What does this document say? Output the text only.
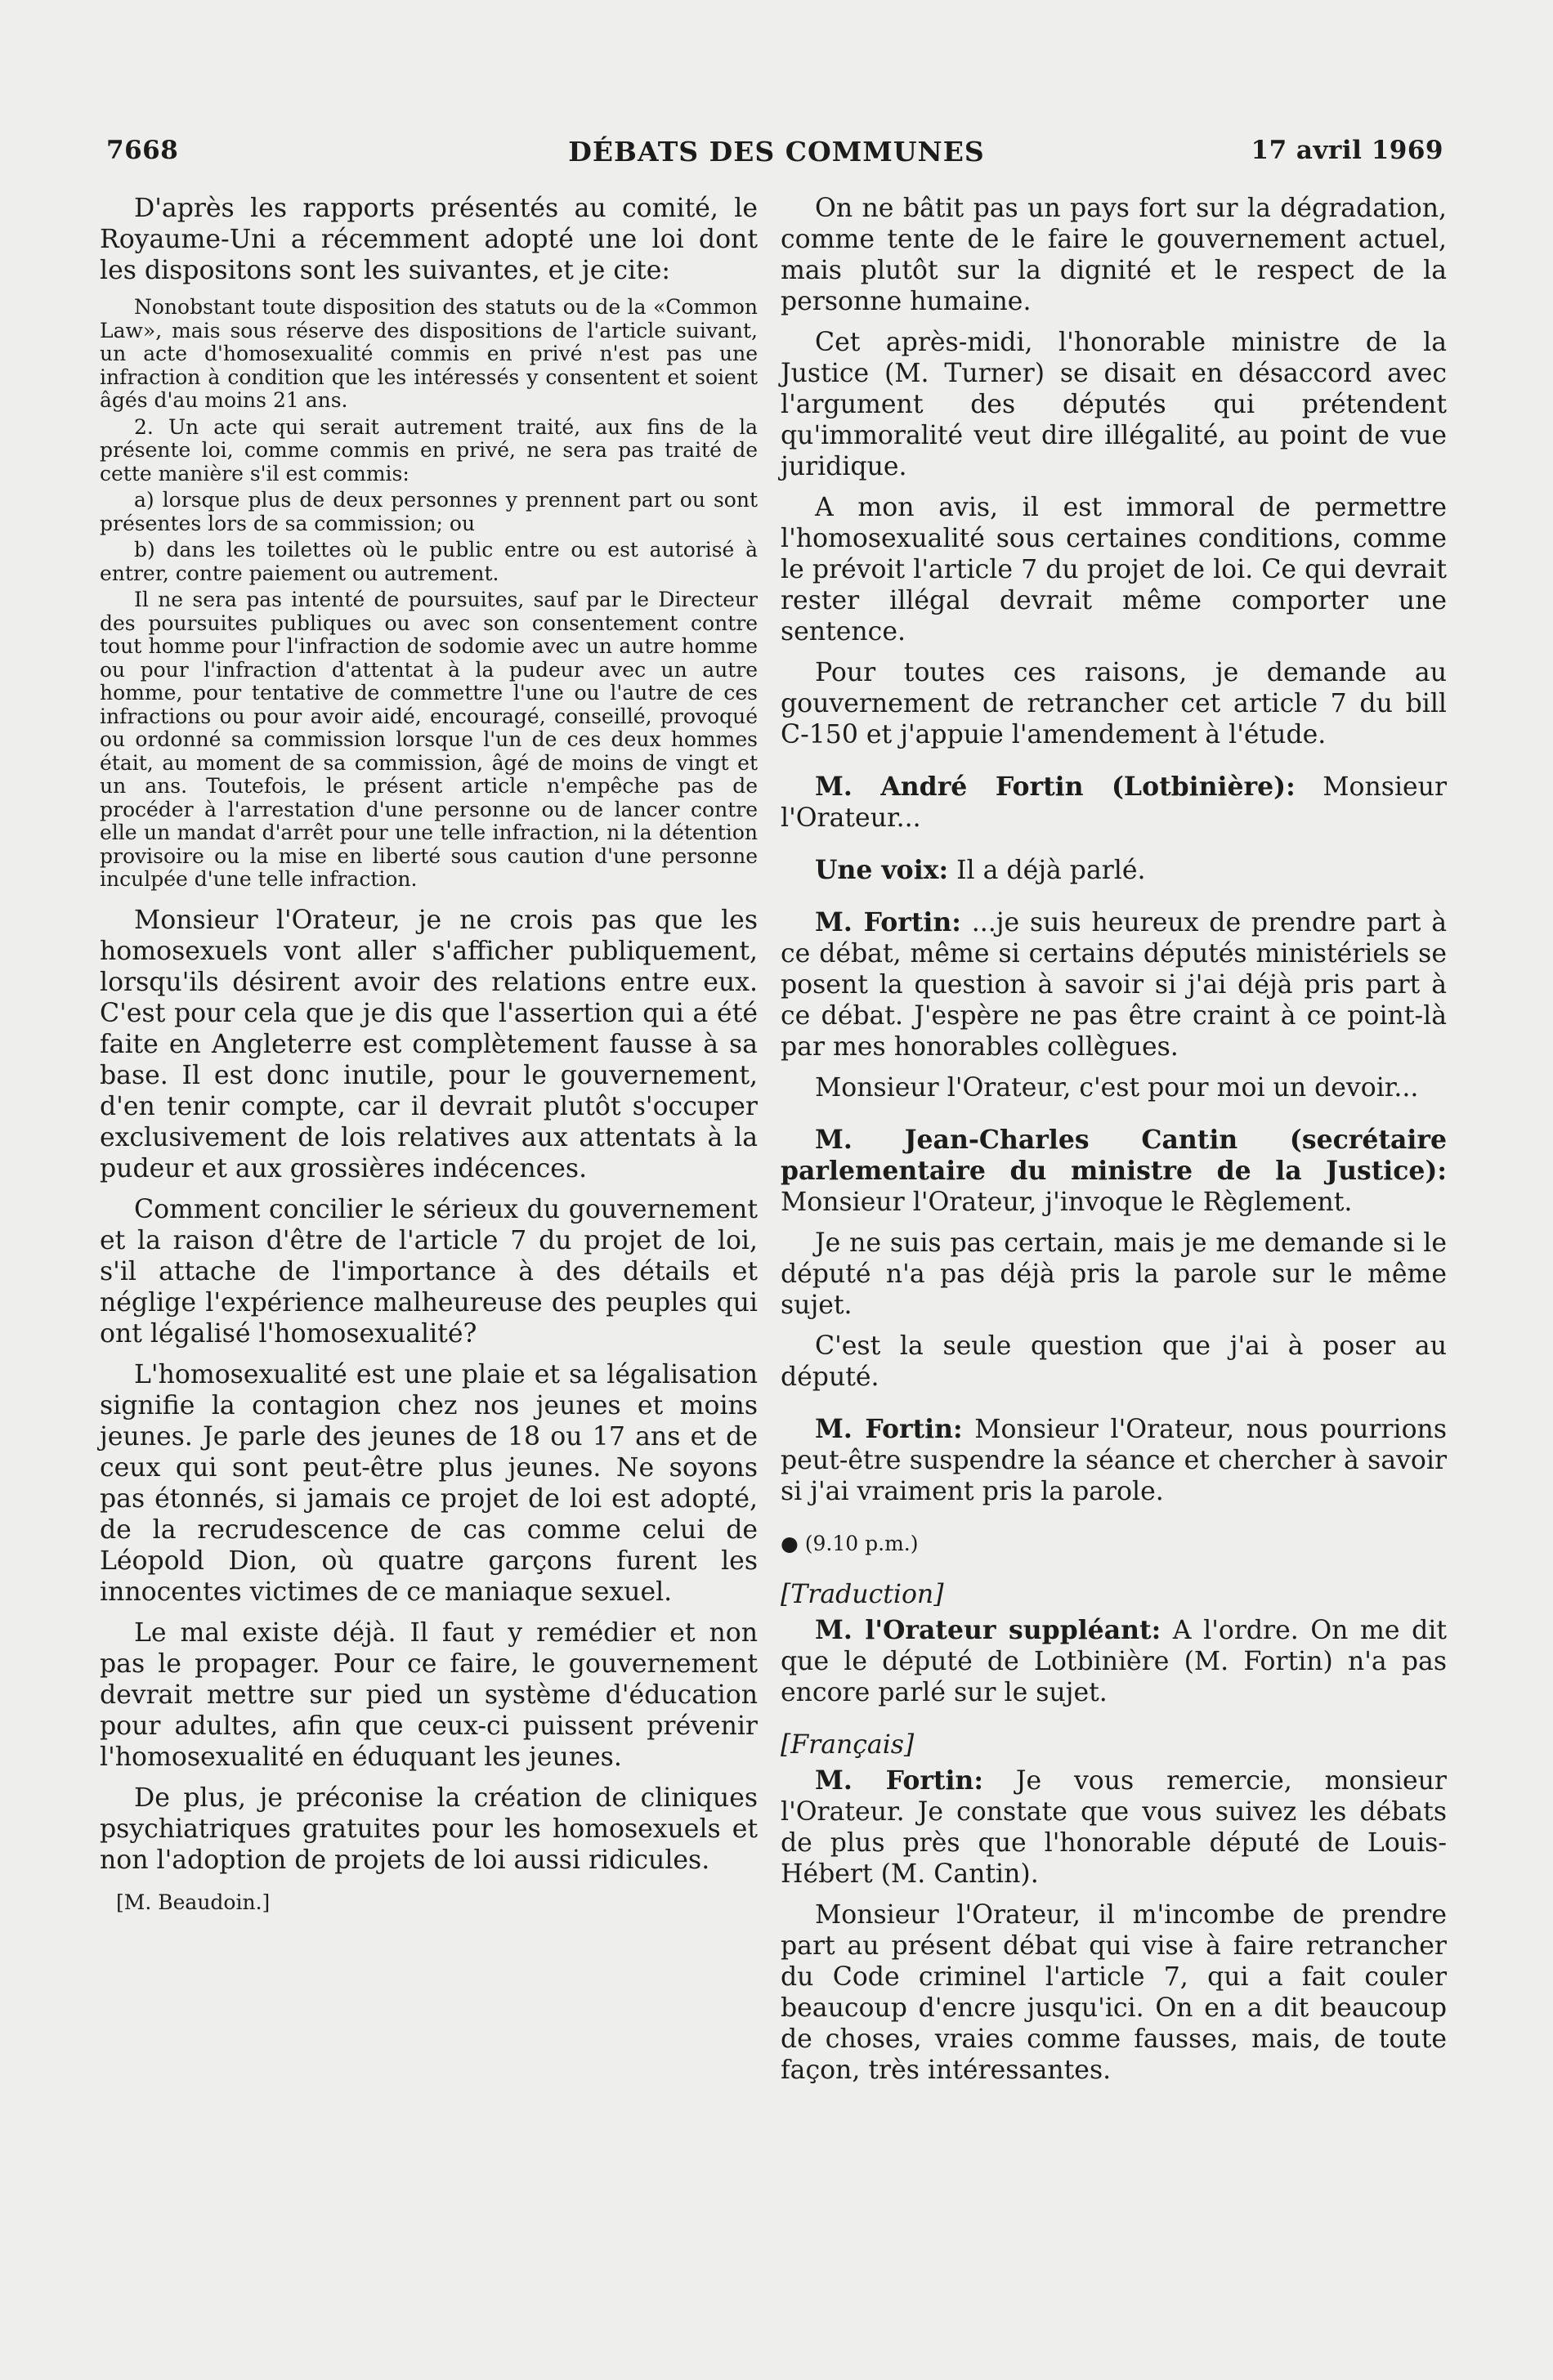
DÉBATS DES COMMUNES
7668	17 avril 1969

D'après les rapports présentés au comité, le Royaume-Uni a récemment adopté une loi dont les dispositons sont les suivantes, et je cite:

Nonobstant toute disposition des statuts ou de la «Common Law», mais sous réserve des dispositions de l'article suivant, un acte d'homosexualité commis en privé n'est pas une infraction à condition que les intéressés y consentent et soient âgés d'au moins 21 ans.

2. Un acte qui serait autrement traité, aux fins de la présente loi, comme commis en privé, ne sera pas traité de cette manière s'il est commis:

a) lorsque plus de deux personnes y prennent part ou sont présentes lors de sa commission; ou

b) dans les toilettes où le public entre ou est autorisé à entrer, contre paiement ou autrement.

Il ne sera pas intenté de poursuites, sauf par le Directeur des poursuites publiques ou avec son consentement contre tout homme pour l'infraction de sodomie avec un autre homme ou pour l'infraction d'attentat à la pudeur avec un autre homme, pour tentative de commettre l'une ou l'autre de ces infractions ou pour avoir aidé, encouragé, conseillé, provoqué ou ordonné sa commission lorsque l'un de ces deux hommes était, au moment de sa commission, âgé de moins de vingt et un ans. Toutefois, le présent article n'empêche pas de procéder à l'arrestation d'une personne ou de lancer contre elle un mandat d'arrêt pour une telle infraction, ni la détention provisoire ou la mise en liberté sous caution d'une personne inculpée d'une telle infraction.

Monsieur l'Orateur, je ne crois pas que les homosexuels vont aller s'afficher publiquement, lorsqu'ils désirent avoir des relations entre eux. C'est pour cela que je dis que l'assertion qui a été faite en Angleterre est complètement fausse à sa base. Il est donc inutile, pour le gouvernement, d'en tenir compte, car il devrait plutôt s'occuper exclusivement de lois relatives aux attentats à la pudeur et aux grossières indécences.

Comment concilier le sérieux du gouvernement et la raison d'être de l'article 7 du projet de loi, s'il attache de l'importance à des détails et néglige l'expérience malheureuse des peuples qui ont légalisé l'homosexualité?

L'homosexualité est une plaie et sa légalisation signifie la contagion chez nos jeunes et moins jeunes. Je parle des jeunes de 18 ou 17 ans et de ceux qui sont peut-être plus jeunes. Ne soyons pas étonnés, si jamais ce projet de loi est adopté, de la recrudescence de cas comme celui de Léopold Dion, où quatre garçons furent les innocentes victimes de ce maniaque sexuel.

Le mal existe déjà. Il faut y remédier et non pas le propager. Pour ce faire, le gouvernement devrait mettre sur pied un système d'éducation pour adultes, afin que ceux-ci puissent prévenir l'homosexualité en éduquant les jeunes.

De plus, je préconise la création de cliniques psychiatriques gratuites pour les homosexuels et non l'adoption de projets de loi aussi ridicules.

[M. Beaudoin.]

On ne bâtit pas un pays fort sur la dégradation, comme tente de le faire le gouvernement actuel, mais plutôt sur la dignité et le respect de la personne humaine.

Cet après-midi, l'honorable ministre de la Justice (M. Turner) se disait en désaccord avec l'argument des députés qui prétendent qu'immoralité veut dire illégalité, au point de vue juridique.

A mon avis, il est immoral de permettre l'homosexualité sous certaines conditions, comme le prévoit l'article 7 du projet de loi. Ce qui devrait rester illégal devrait même comporter une sentence.

Pour toutes ces raisons, je demande au gouvernement de retrancher cet article 7 du bill C-150 et j'appuie l'amendement à l'étude.

M. André Fortin (Lotbinière): Monsieur l'Orateur...

Une voix: Il a déjà parlé.

M. Fortin: ...je suis heureux de prendre part à ce débat, même si certains députés ministériels se posent la question à savoir si j'ai déjà pris part à ce débat. J'espère ne pas être craint à ce point-là par mes honorables collègues.

Monsieur l'Orateur, c'est pour moi un devoir...

M. Jean-Charles Cantin (secrétaire parlementaire du ministre de la Justice): Monsieur l'Orateur, j'invoque le Règlement.

Je ne suis pas certain, mais je me demande si le député n'a pas déjà pris la parole sur le même sujet.

C'est la seule question que j'ai à poser au député.

M. Fortin: Monsieur l'Orateur, nous pourrions peut-être suspendre la séance et chercher à savoir si j'ai vraiment pris la parole.

● (9.10 p.m.)

[Traduction]

M. l'Orateur suppléant: A l'ordre. On me dit que le député de Lotbinière (M. Fortin) n'a pas encore parlé sur le sujet.

[Français]

M. Fortin: Je vous remercie, monsieur l'Orateur. Je constate que vous suivez les débats de plus près que l'honorable député de Louis-Hébert (M. Cantin).

Monsieur l'Orateur, il m'incombe de prendre part au présent débat qui vise à faire retrancher du Code criminel l'article 7, qui a fait couler beaucoup d'encre jusqu'ici. On en a dit beaucoup de choses, vraies comme fausses, mais, de toute façon, très intéressantes.
